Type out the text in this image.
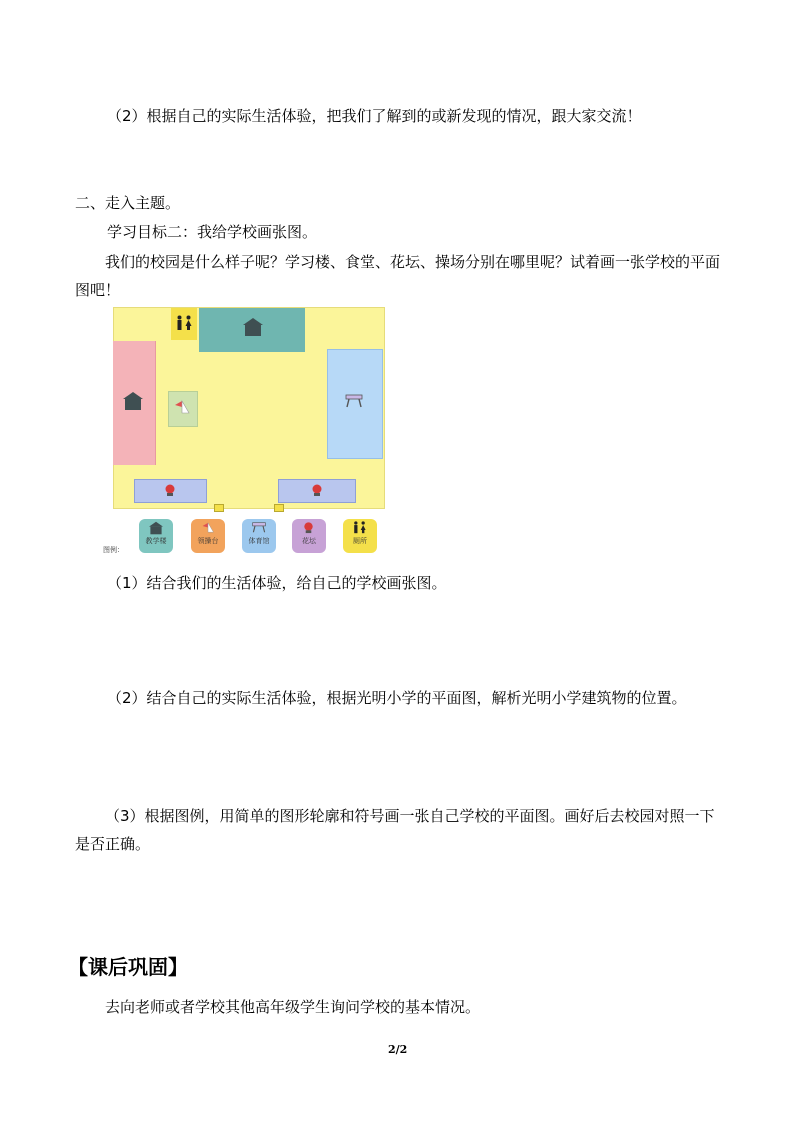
（2）根据自己的实际生活体验，把我们了解到的或新发现的情况，跟大家交流！
二、走入主题。
学习目标二：我给学校画张图。
我们的校园是什么样子呢？学习楼、食堂、花坛、操场分别在哪里呢？试着画一张学校的平面图吧！
图例：
教学楼	领操台	体育馆	花坛	厕所
（1）结合我们的生活体验，给自己的学校画张图。
（2）结合自己的实际生活体验，根据光明小学的平面图，解析光明小学建筑物的位置。
（3）根据图例，用简单的图形轮廓和符号画一张自己学校的平面图。画好后去校园对照一下是否正确。
【课后巩固】
去向老师或者学校其他高年级学生询问学校的基本情况。
2/2
